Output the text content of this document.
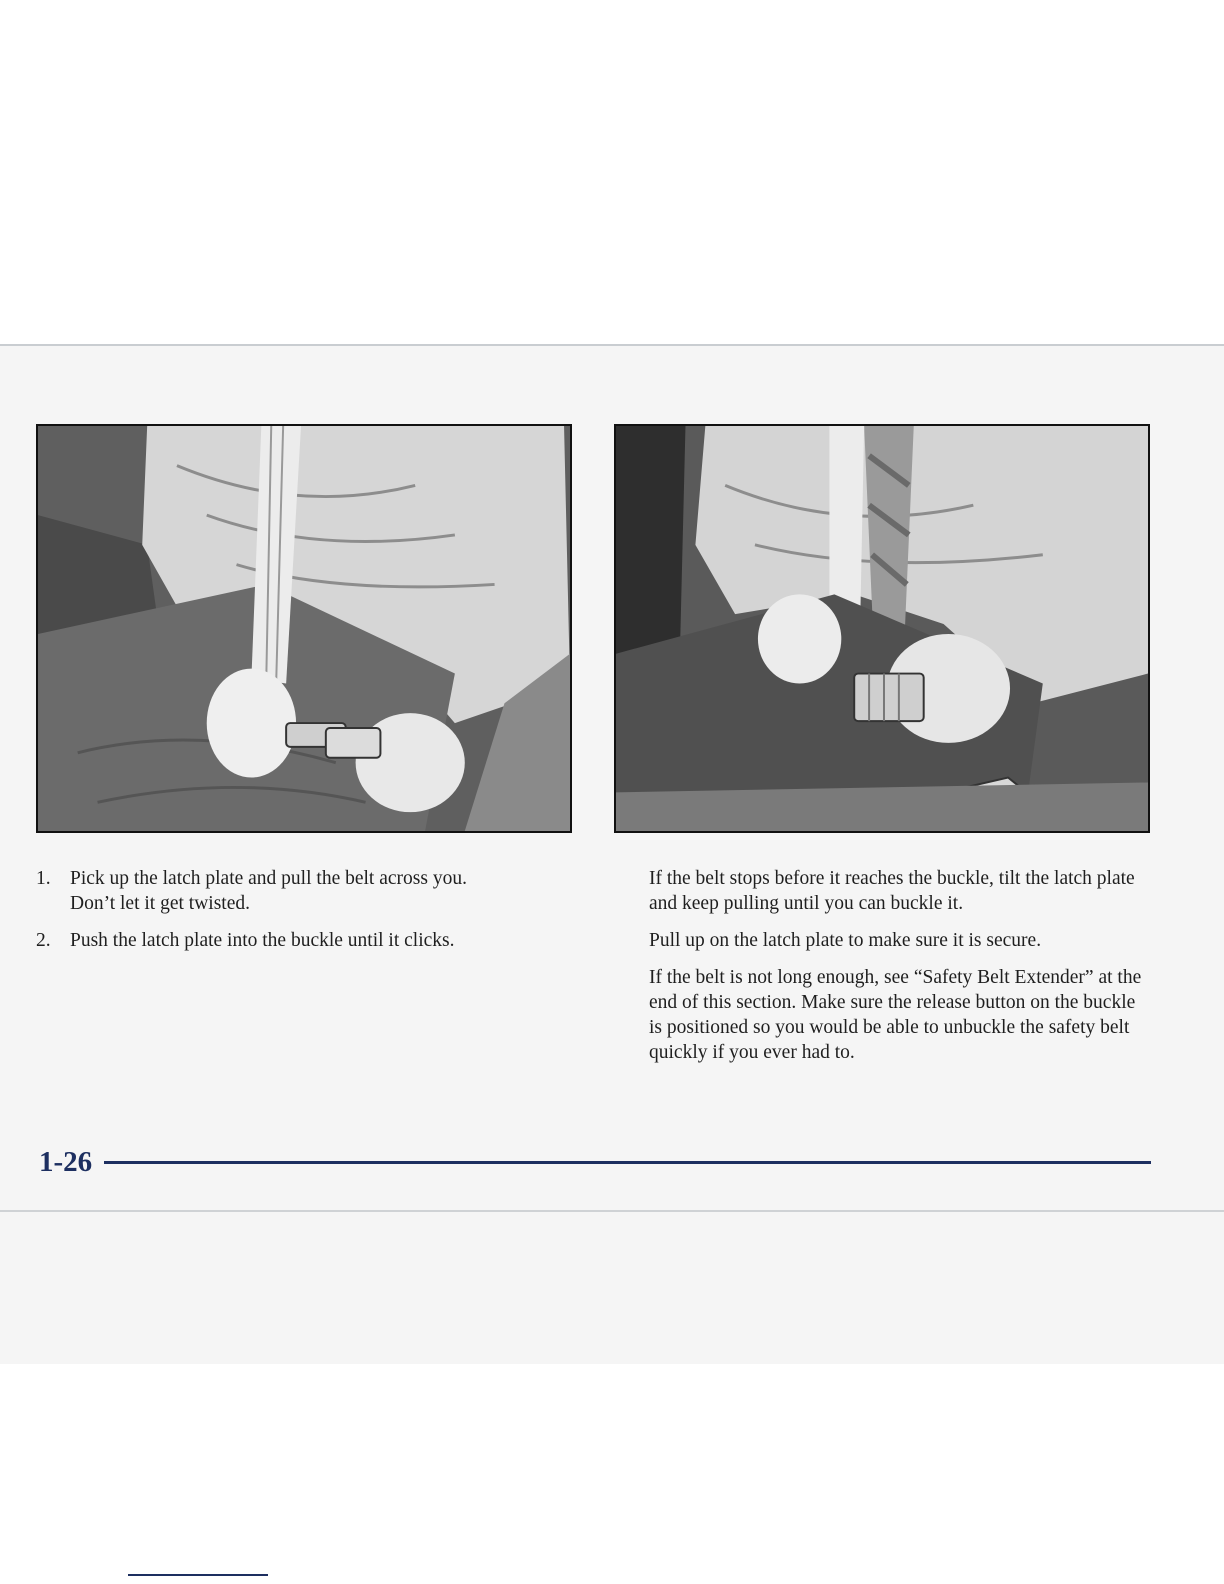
1. Pick up the latch plate and pull the belt across you.
Don’t let it get twisted.
2. Push the latch plate into the buckle until it clicks.

If the belt stops before it reaches the buckle, tilt the latch plate and keep pulling until you can buckle it.

Pull up on the latch plate to make sure it is secure.

If the belt is not long enough, see “Safety Belt Extender” at the end of this section. Make sure the release button on the buckle is positioned so you would be able to unbuckle the safety belt quickly if you ever had to.

1-26
